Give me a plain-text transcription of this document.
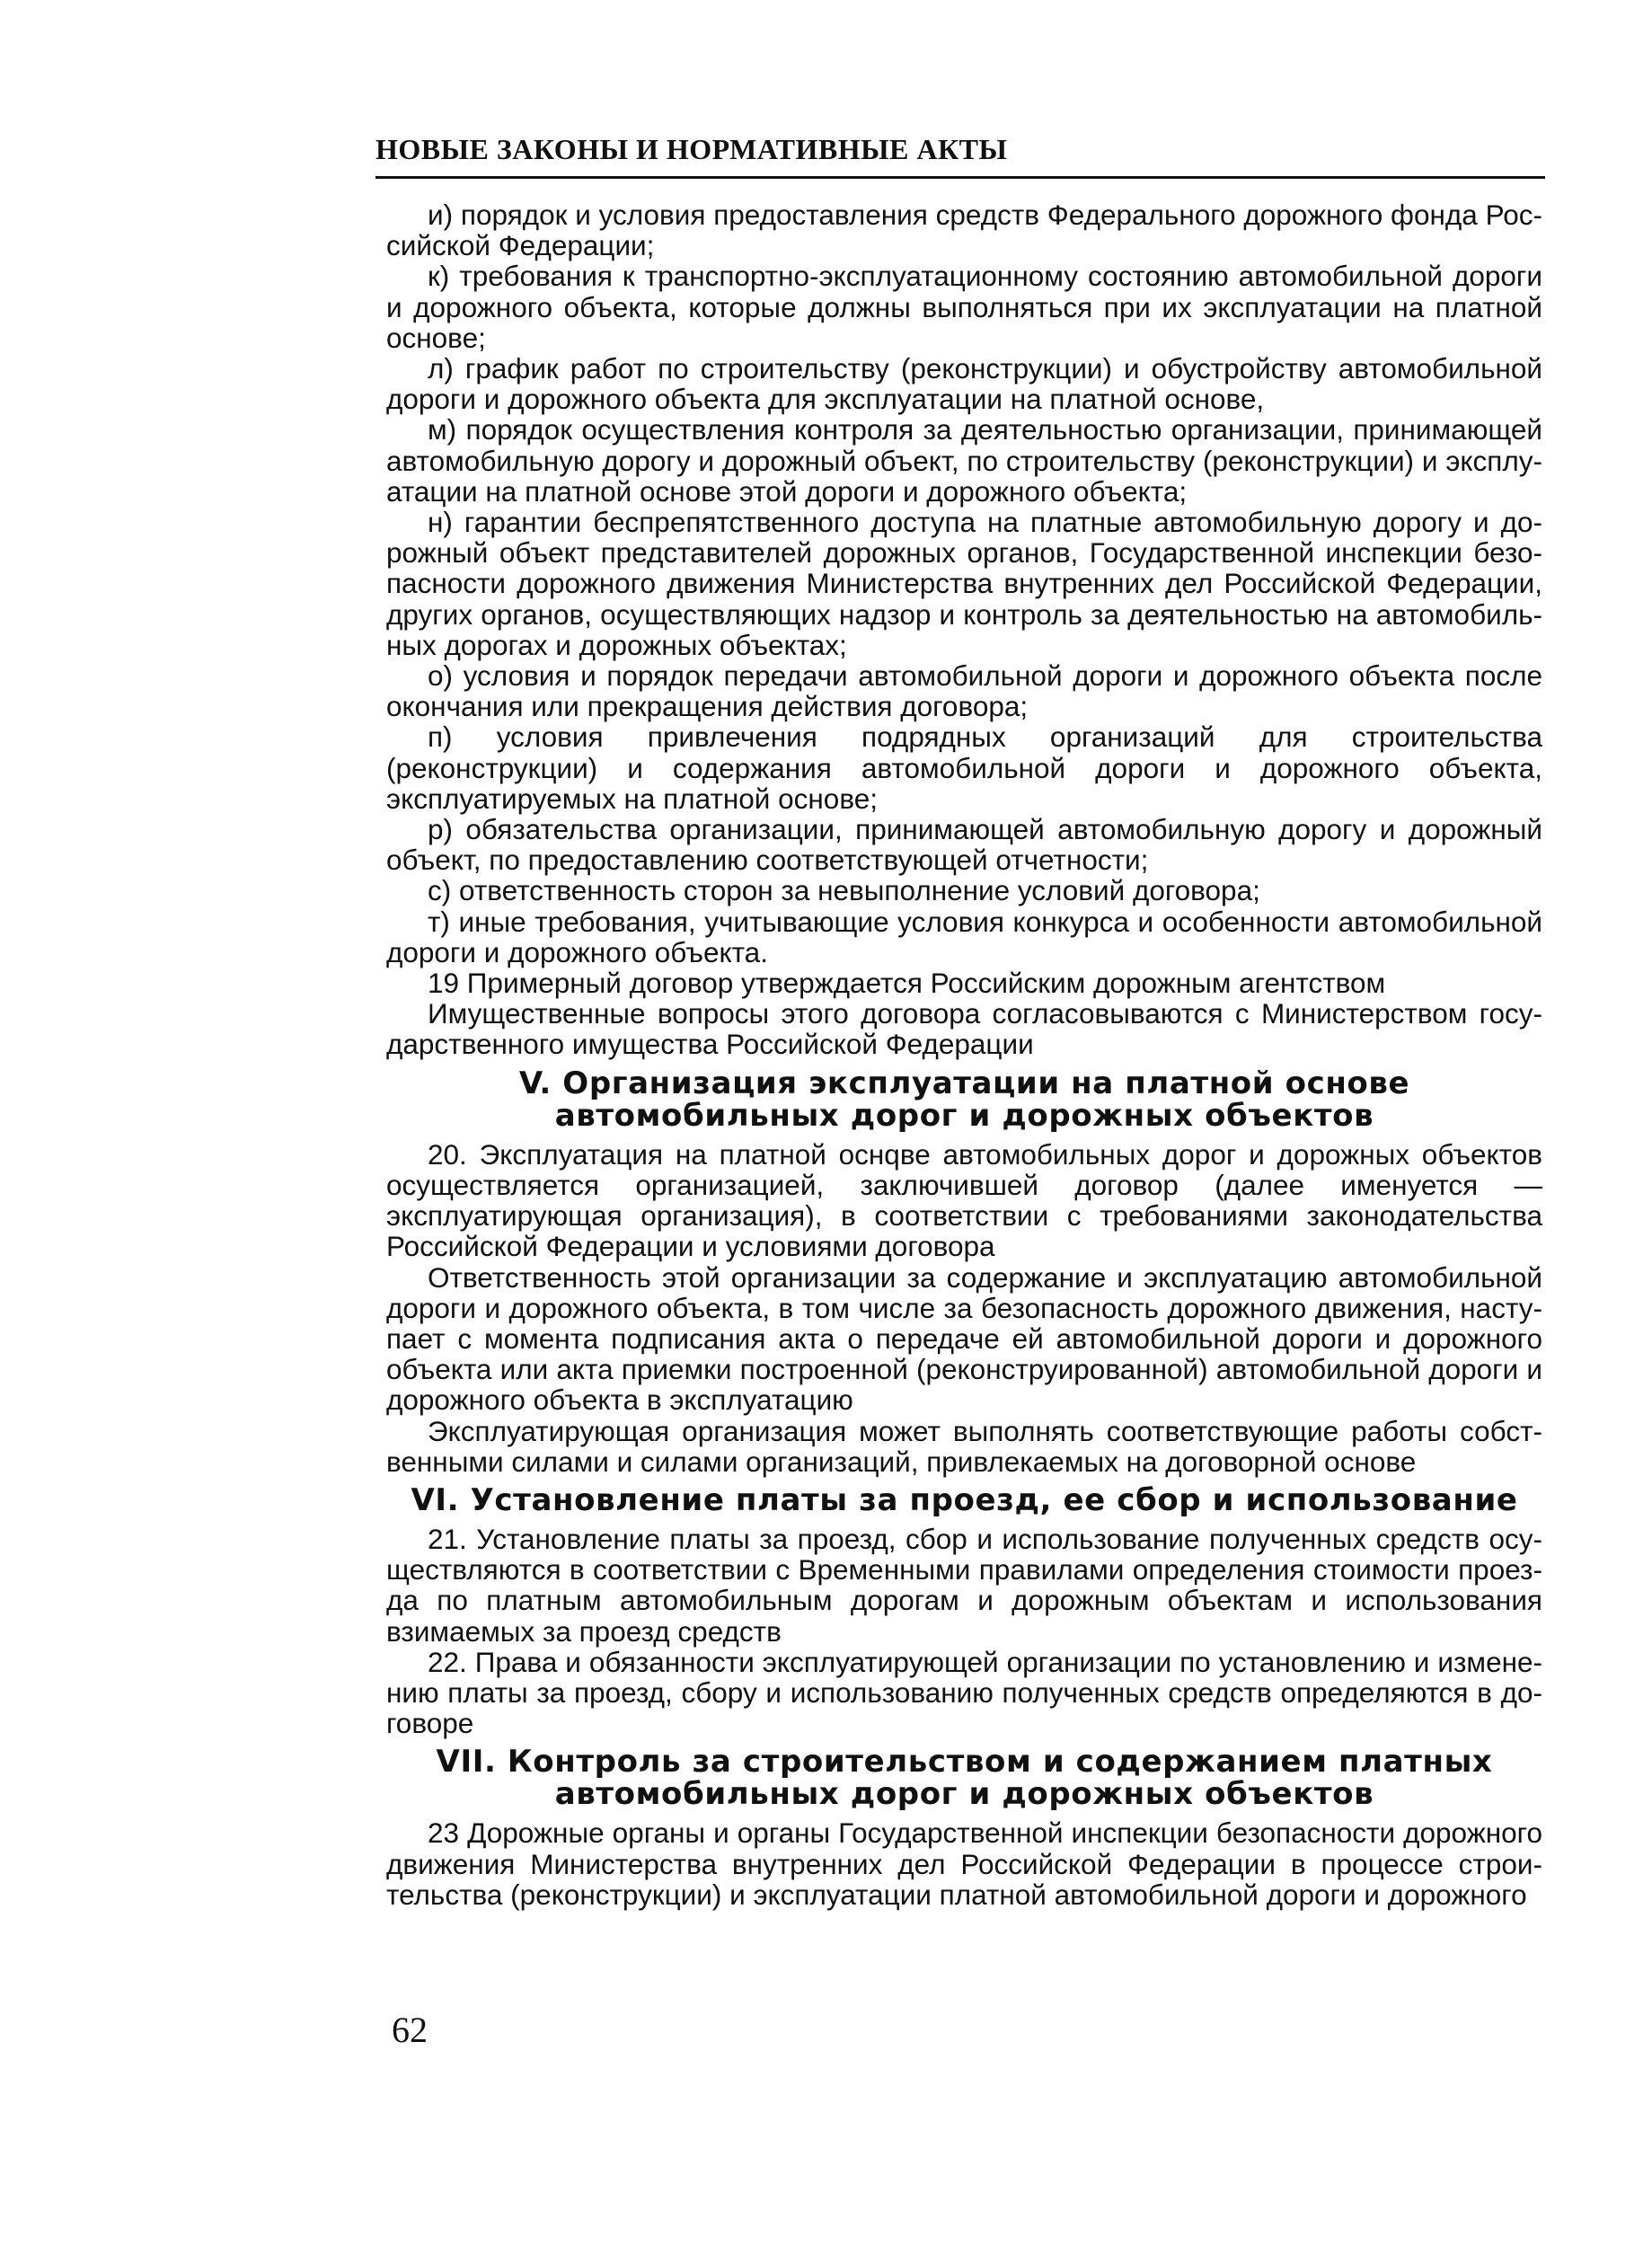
НОВЫЕ ЗАКОНЫ И НОРМАТИВНЫЕ АКТЫ

и) порядок и условия предоставления средств Федерального дорожного фонда Российской Федерации;

к) требования к транспортно-эксплуатационному состоянию автомобильной дороги и дорожного объекта, которые должны выполняться при их эксплуатации на платной основе;

л) график работ по строительству (реконструкции) и обустройству автомобильной дороги и дорожного объекта для эксплуатации на платной основе,

м) порядок осуществления контроля за деятельностью организации, принимающей автомобильную дорогу и дорожный объект, по строительству (реконструкции) и эксплуатации на платной основе этой дороги и дорожного объекта;

н) гарантии беспрепятственного доступа на платные автомобильную дорогу и дорожный объект представителей дорожных органов, Государственной инспекции безопасности дорожного движения Министерства внутренних дел Российской Федерации, других органов, осуществляющих надзор и контроль за деятельностью на автомобильных дорогах и дорожных объектах;

о) условия и порядок передачи автомобильной дороги и дорожного объекта после окончания или прекращения действия договора;

п) условия привлечения подрядных организаций для строительства (реконструкции) и содержания автомобильной дороги и дорожного объекта, эксплуатируемых на платной основе;

р) обязательства организации, принимающей автомобильную дорогу и дорожный объект, по предоставлению соответствующей отчетности;

с) ответственность сторон за невыполнение условий договора;

т) иные требования, учитывающие условия конкурса и особенности автомобильной дороги и дорожного объекта.

19 Примерный договор утверждается Российским дорожным агентством

Имущественные вопросы этого договора согласовываются с Министерством государственного имущества Российской Федерации

V. Организация эксплуатации на платной основе
автомобильных дорог и дорожных объектов

20. Эксплуатация на платной оснqве автомобильных дорог и дорожных объектов осуществляется организацией, заключившей договор (далее именуется — эксплуатирующая организация), в соответствии с требованиями законодательства Российской Федерации и условиями договора

Ответственность этой организации за содержание и эксплуатацию автомобильной дороги и дорожного объекта, в том числе за безопасность дорожного движения, наступает с момента подписания акта о передаче ей автомобильной дороги и дорожного объекта или акта приемки построенной (реконструированной) автомобильной дороги и дорожного объекта в эксплуатацию

Эксплуатирующая организация может выполнять соответствующие работы собственными силами и силами организаций, привлекаемых на договорной основе

VI. Установление платы за проезд, ее сбор и использование

21. Установление платы за проезд, сбор и использование полученных средств осуществляются в соответствии с Временными правилами определения стоимости проезда по платным автомобильным дорогам и дорожным объектам и использования взимаемых за проезд средств

22. Права и обязанности эксплуатирующей организации по установлению и изменению платы за проезд, сбору и использованию полученных средств определяются в договоре

VII. Контроль за строительством и содержанием платных
автомобильных дорог и дорожных объектов

23 Дорожные органы и органы Государственной инспекции безопасности дорожного движения Министерства внутренних дел Российской Федерации в процессе строительства (реконструкции) и эксплуатации платной автомобильной дороги и дорожного

62
